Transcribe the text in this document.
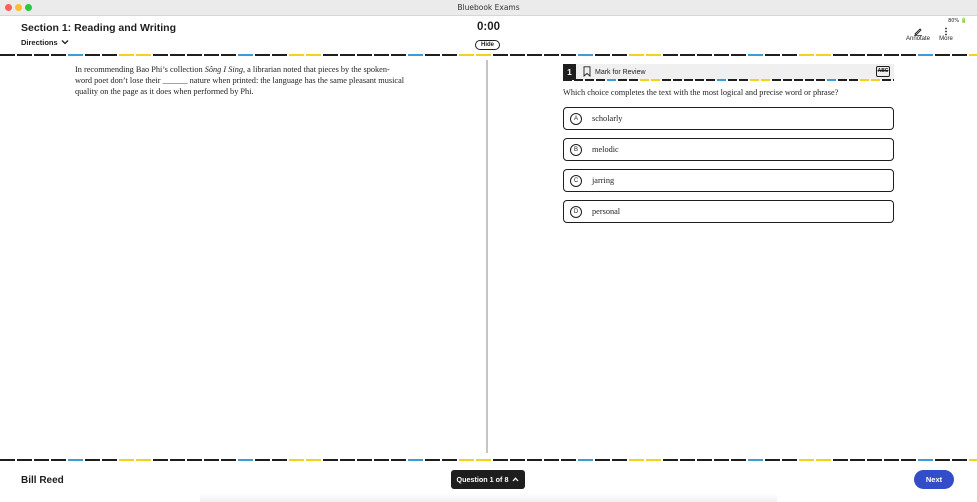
Bluebook Exams
Section 1: Reading and Writing
Directions
0:00
Hide
80% 🔋
Annotate	More
In recommending Bao Phi’s collection Sông I Sing, a librarian noted that pieces by the spoken-word poet don’t lose their ______ nature when printed: the language has the same pleasant musical quality on the page as it does when performed by Phi.
1	Mark for Review	ABC
Which choice completes the text with the most logical and precise word or phrase?
A	scholarly
B	melodic
C	jarring
D	personal
Bill Reed	Question 1 of 8	Next
